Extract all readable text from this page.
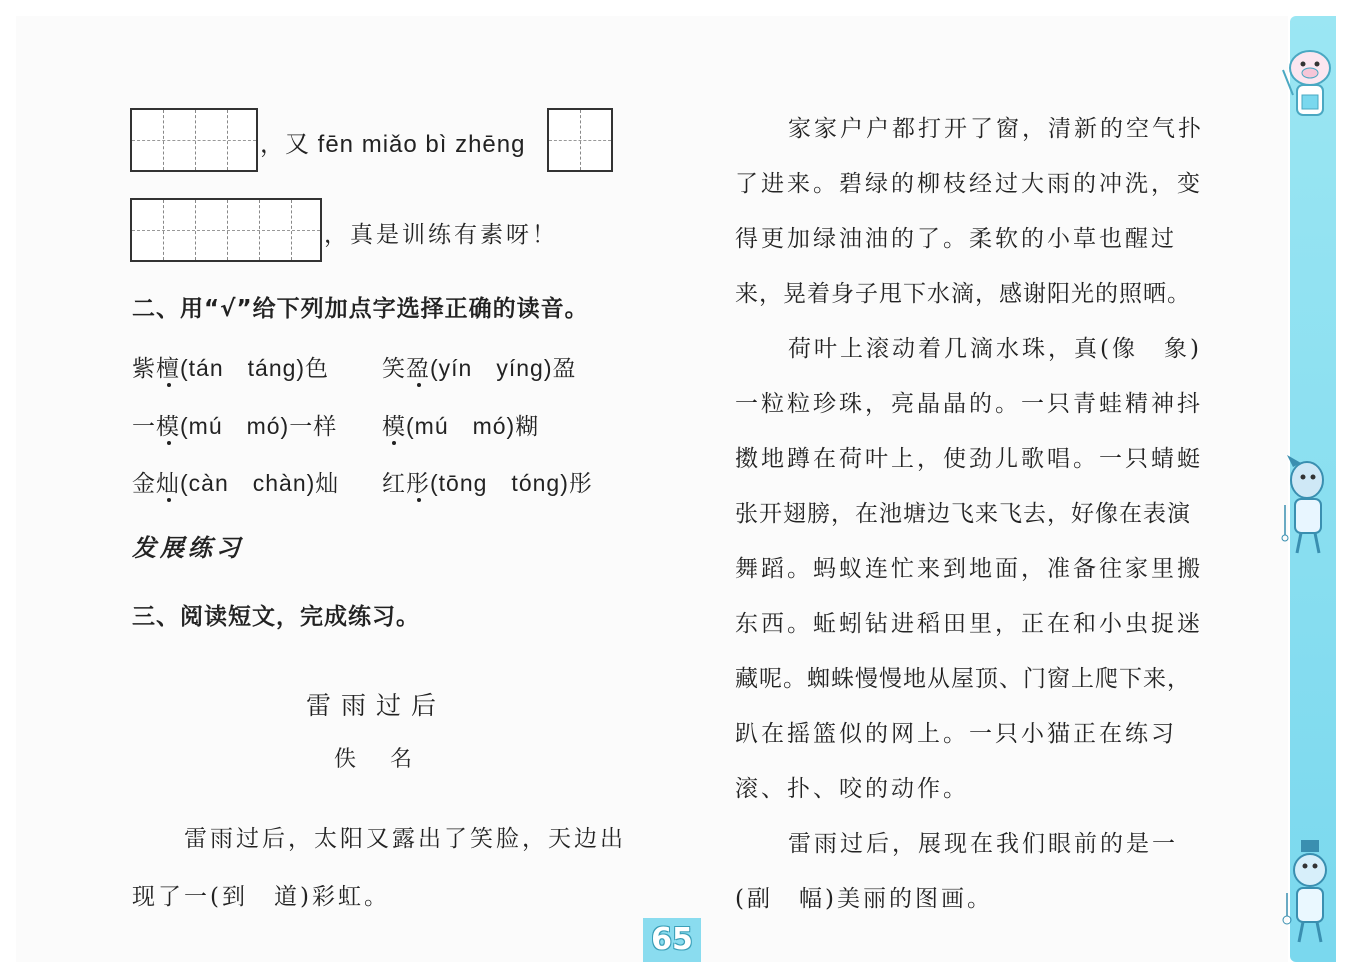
，又 fēn miǎo bì zhēng
，真是训练有素呀！
二、用“√”给下列加点字选择正确的读音。
紫檀(tán　táng)色 笑盈(yín　yíng)盈
一模(mú　mó)一样 模(mú　mó)糊
金灿(càn　chàn)灿 红彤(tōng　tóng)彤
发展练习
三、阅读短文，完成练习。
雷雨过后
佚　名
雷雨过后，太阳又露出了笑脸，天边出
现了一(到　道)彩虹。
家家户户都打开了窗，清新的空气扑
了进来。碧绿的柳枝经过大雨的冲洗，变
得更加绿油油的了。柔软的小草也醒过
来，晃着身子甩下水滴，感谢阳光的照晒。
荷叶上滚动着几滴水珠，真(像　象)
一粒粒珍珠，亮晶晶的。一只青蛙精神抖
擞地蹲在荷叶上，使劲儿歌唱。一只蜻蜓
张开翅膀，在池塘边飞来飞去，好像在表演
舞蹈。蚂蚁连忙来到地面，准备往家里搬
东西。蚯蚓钻进稻田里，正在和小虫捉迷
藏呢。蜘蛛慢慢地从屋顶、门窗上爬下来，
趴在摇篮似的网上。一只小猫正在练习
滚、扑、咬的动作。
雷雨过后，展现在我们眼前的是一
(副　幅)美丽的图画。
65
